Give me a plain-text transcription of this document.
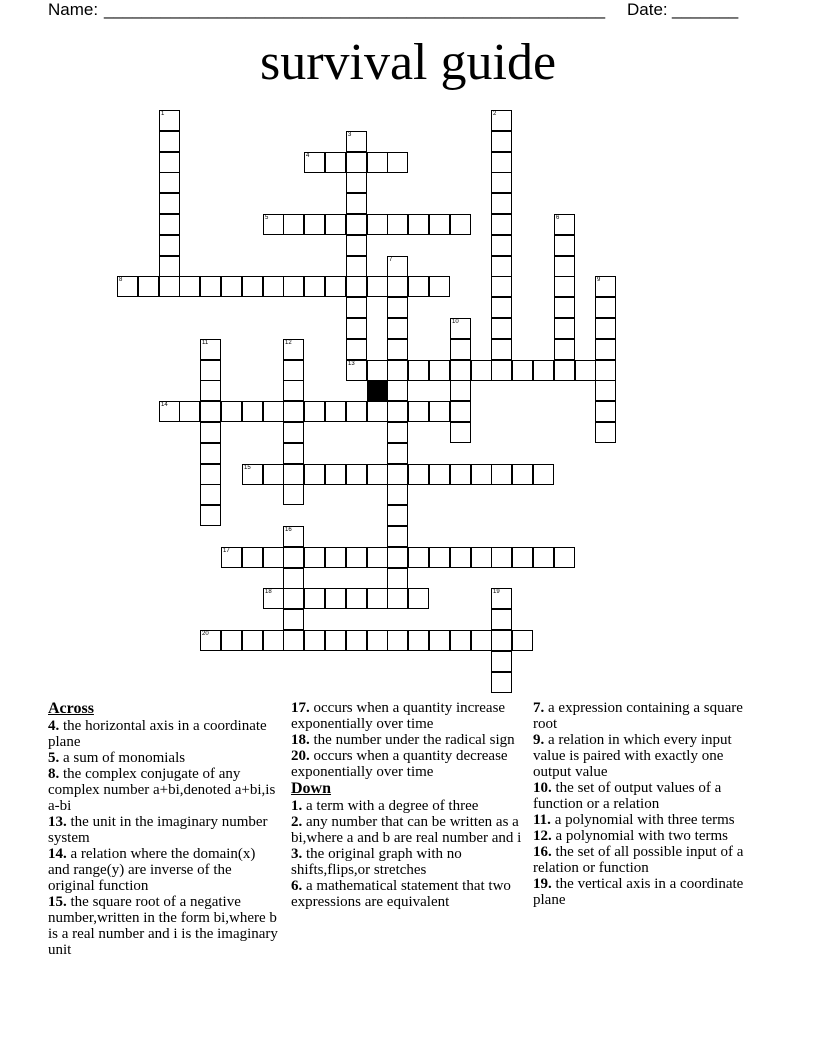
Name: _____________________________________________________ Date: _______
survival guide
4
5
8
13
14
15
17
18
20
1	2
3
6
7
9
10
11	12
16
19
Across

4. the horizontal axis in a coordinate plane

5. a sum of monomials

8. the complex conjugate of any complex number a+bi,denoted a+bi,is a-bi

13. the unit in the imaginary number system

14. a relation where the domain(x) and range(y) are inverse of the original function

15. the square root of a negative number,written in the form bi,where b is a real number and i is the imaginary unit

17. occurs when a quantity increase exponentially over time

18. the number under the radical sign

20. occurs when a quantity decrease exponentially over time

Down

1. a term with a degree of three

2. any number that can be written as a bi,where a and b are real number and i

3. the original graph with no shifts,flips,or stretches

6. a mathematical statement that two expressions are equivalent

7. a expression containing a square root

9. a relation in which every input value is paired with exactly one output value

10. the set of output values of a function or a relation

11. a polynomial with three terms

12. a polynomial with two terms

16. the set of all possible input of a relation or function

19. the vertical axis in a coordinate plane
